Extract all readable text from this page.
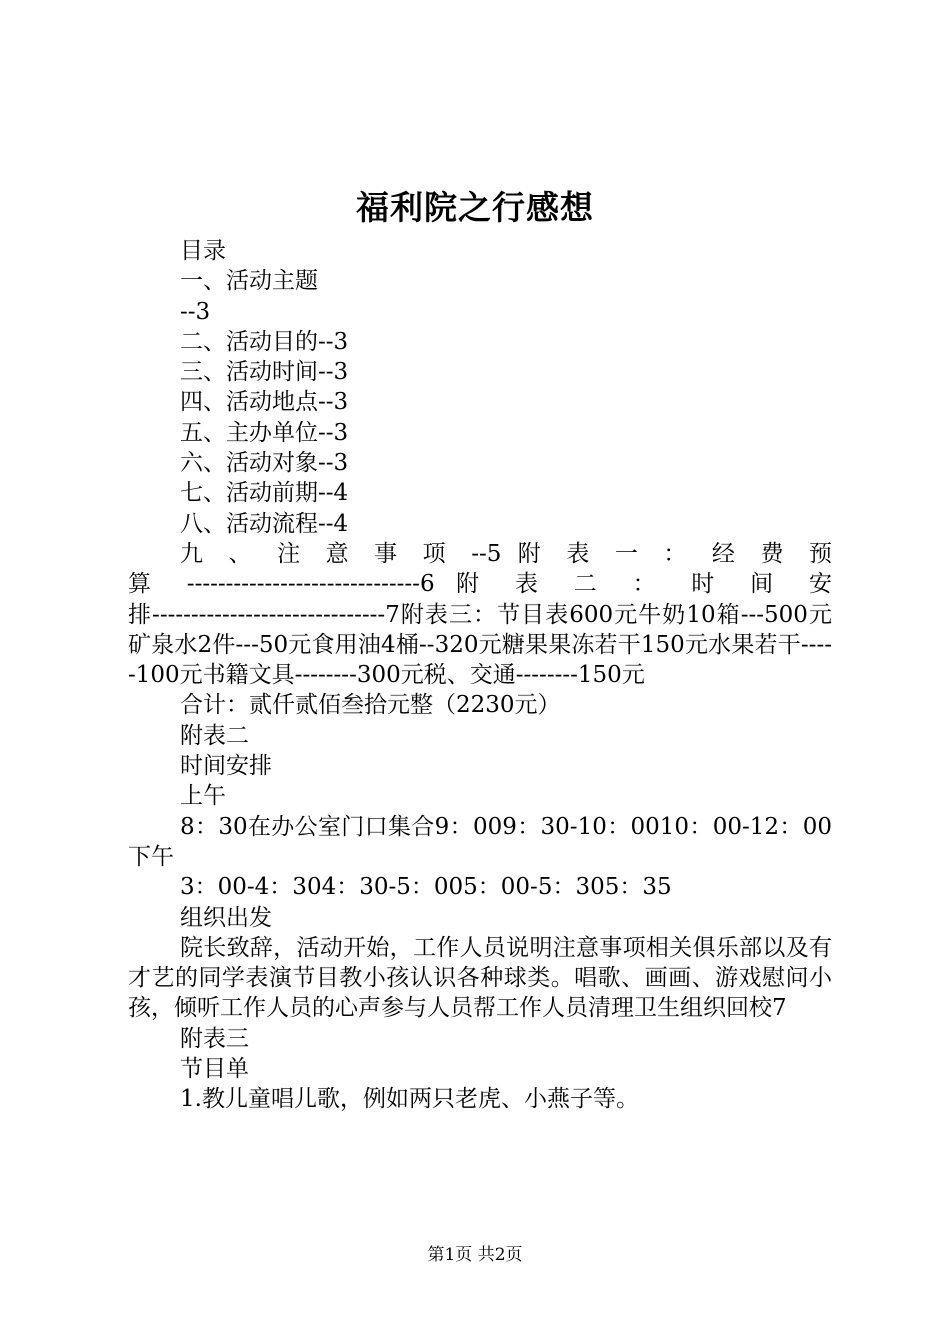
福利院之行感想

目录

一、活动主题

--3

二、活动目的--3

三、活动时间--3

四、活动地点--3

五、主办单位--3

六、活动对象--3

七、活动前期--4

八、活动流程--4

九 、 注 意 事 项 --5 附 表 一 ： 经 费 预

算 ------------------------------6 附 表 二 ： 时 间 安

排------------------------------7附表三：节目表600元牛奶10箱---500元矿泉水2件---50元食用油4桶--320元糖果果冻若干150元水果若干-----100元书籍文具--------300元税、交通--------150元

合计：贰仟贰佰叁拾元整（2230元）

附表二

时间安排

上午

8：30在办公室门口集合9：009：30-10：0010：00-12：00下午

3：00-4：304：30-5：005：00-5：305：35

组织出发

院长致辞，活动开始，工作人员说明注意事项相关俱乐部以及有才艺的同学表演节目教小孩认识各种球类。唱歌、画画、游戏慰问小孩，倾听工作人员的心声参与人员帮工作人员清理卫生组织回校7

附表三

节目单

1.教儿童唱儿歌，例如两只老虎、小燕子等。

第1页 共2页
